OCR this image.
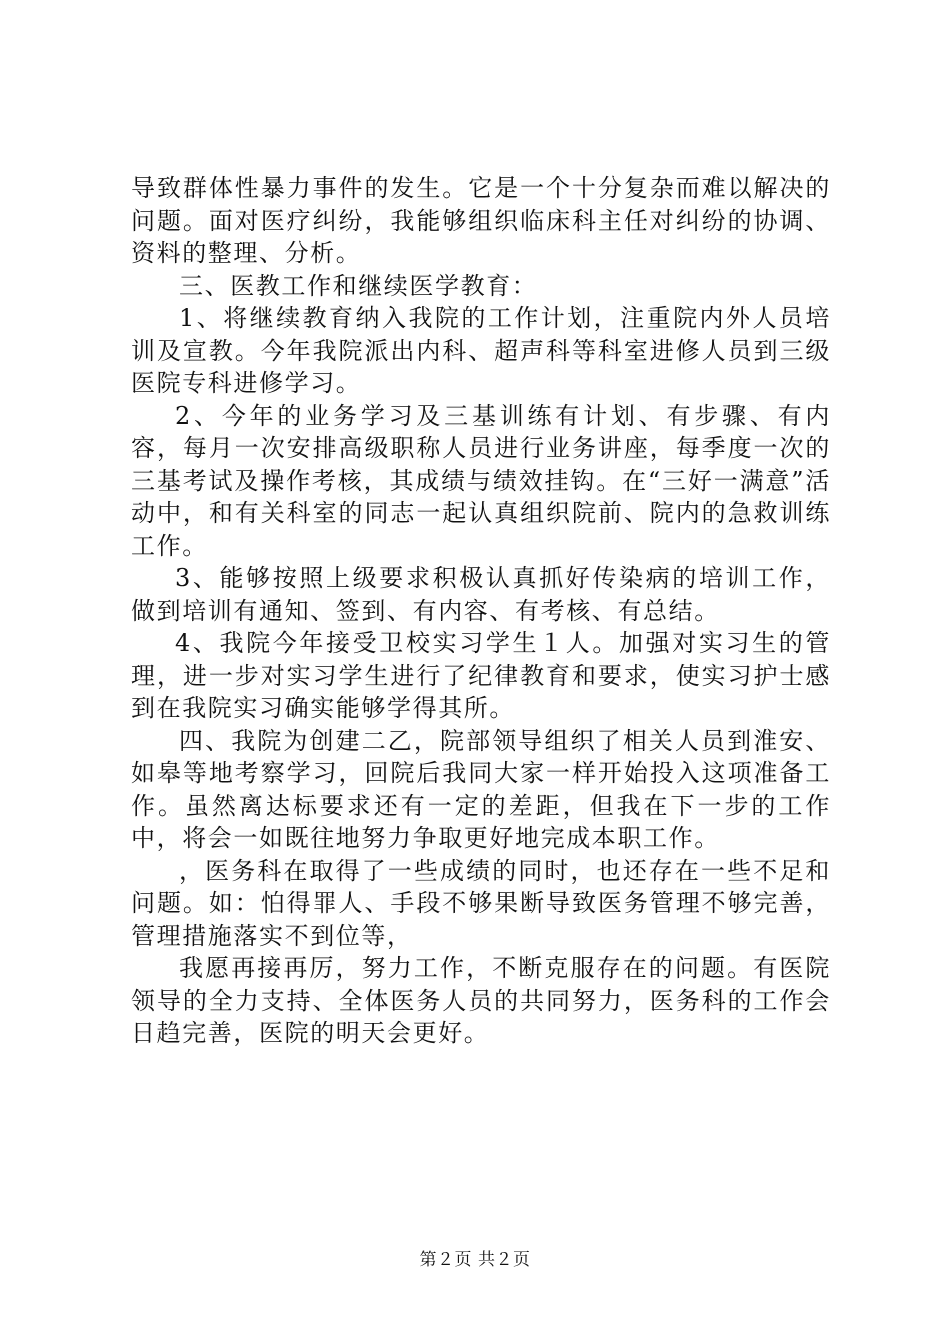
导致群体性暴力事件的发生。它是一个十分复杂而难以解决的问题。面对医疗纠纷，我能够组织临床科主任对纠纷的协调、资料的整理、分析。

三、医教工作和继续医学教育：

1、将继续教育纳入我院的工作计划，注重院内外人员培训及宣教。今年我院派出内科、超声科等科室进修人员到三级医院专科进修学习。

2、今年的业务学习及三基训练有计划、有步骤、有内容，每月一次安排高级职称人员进行业务讲座，每季度一次的三基考试及操作考核，其成绩与绩效挂钩。在“三好一满意”活动中，和有关科室的同志一起认真组织院前、院内的急救训练工作。

3、能够按照上级要求积极认真抓好传染病的培训工作，做到培训有通知、签到、有内容、有考核、有总结。

4、我院今年接受卫校实习学生１人。加强对实习生的管理，进一步对实习学生进行了纪律教育和要求，使实习护士感到在我院实习确实能够学得其所。

四、我院为创建二乙，院部领导组织了相关人员到淮安、如皋等地考察学习，回院后我同大家一样开始投入这项准备工作。虽然离达标要求还有一定的差距，但我在下一步的工作中，将会一如既往地努力争取更好地完成本职工作。

，医务科在取得了一些成绩的同时，也还存在一些不足和问题。如：怕得罪人、手段不够果断导致医务管理不够完善，管理措施落实不到位等，

我愿再接再厉，努力工作，不断克服存在的问题。有医院领导的全力支持、全体医务人员的共同努力，医务科的工作会日趋完善，医院的明天会更好。

第２页 共２页
